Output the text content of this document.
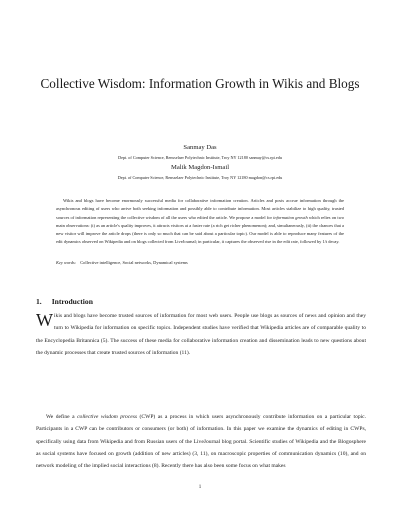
Collective Wisdom: Information Growth in Wikis and Blogs
Sanmay Das
Dept. of Computer Science, Rensselaer Polytechnic Institute, Troy NY 12180 sanmay@cs.rpi.edu
Malik Magdon-Ismail
Dept. of Computer Science, Rensselaer Polytechnic Institute, Troy NY 12180 magdon@cs.rpi.edu

Wikis and blogs have become enormously successful media for collaborative information creation. Articles and posts accrue information through the asynchronous editing of users who arrive both seeking information and possibly able to contribute information. Most articles stabilize to high quality, trusted sources of information representing the collective wisdom of all the users who edited the article. We propose a model for information growth which relies on two main observations: (i) as an article's quality improves, it attracts visitors at a faster rate (a rich get richer phenomenon); and, simultaneously, (ii) the chances that a new visitor will improve the article drops (there is only so much that can be said about a particular topic). Our model is able to reproduce many features of the edit dynamics observed on Wikipedia and on blogs collected from LiveJournal; in particular, it captures the observed rise in the edit rate, followed by 1/t decay.

Key words: Collective intelligence, Social networks, Dynamical systems
1. Introduction

Wikis and blogs have become trusted sources of information for most web users. People use blogs as sources of news and opinion and they turn to Wikipedia for information on specific topics. Independent studies have verified that Wikipedia articles are of comparable quality to the Encyclopedia Britannica (5). The success of these media for collaborative information creation and dissemination leads to new questions about the dynamic processes that create trusted sources of information (11).

We define a collective wisdom process (CWP) as a process in which users asynchronously contribute information on a particular topic. Participants in a CWP can be contributors or consumers (or both) of information. In this paper we examine the dynamics of editing in CWPs, specifically using data from Wikipedia and from Russian users of the LiveJournal blog portal. Scientific studies of Wikipedia and the Blogosphere as social systems have focused on growth (addition of new articles) (3, 11), on macroscopic properties of communication dynamics (10), and on network modeling of the implied social interactions (8). Recently there has also been some focus on what makes

1
